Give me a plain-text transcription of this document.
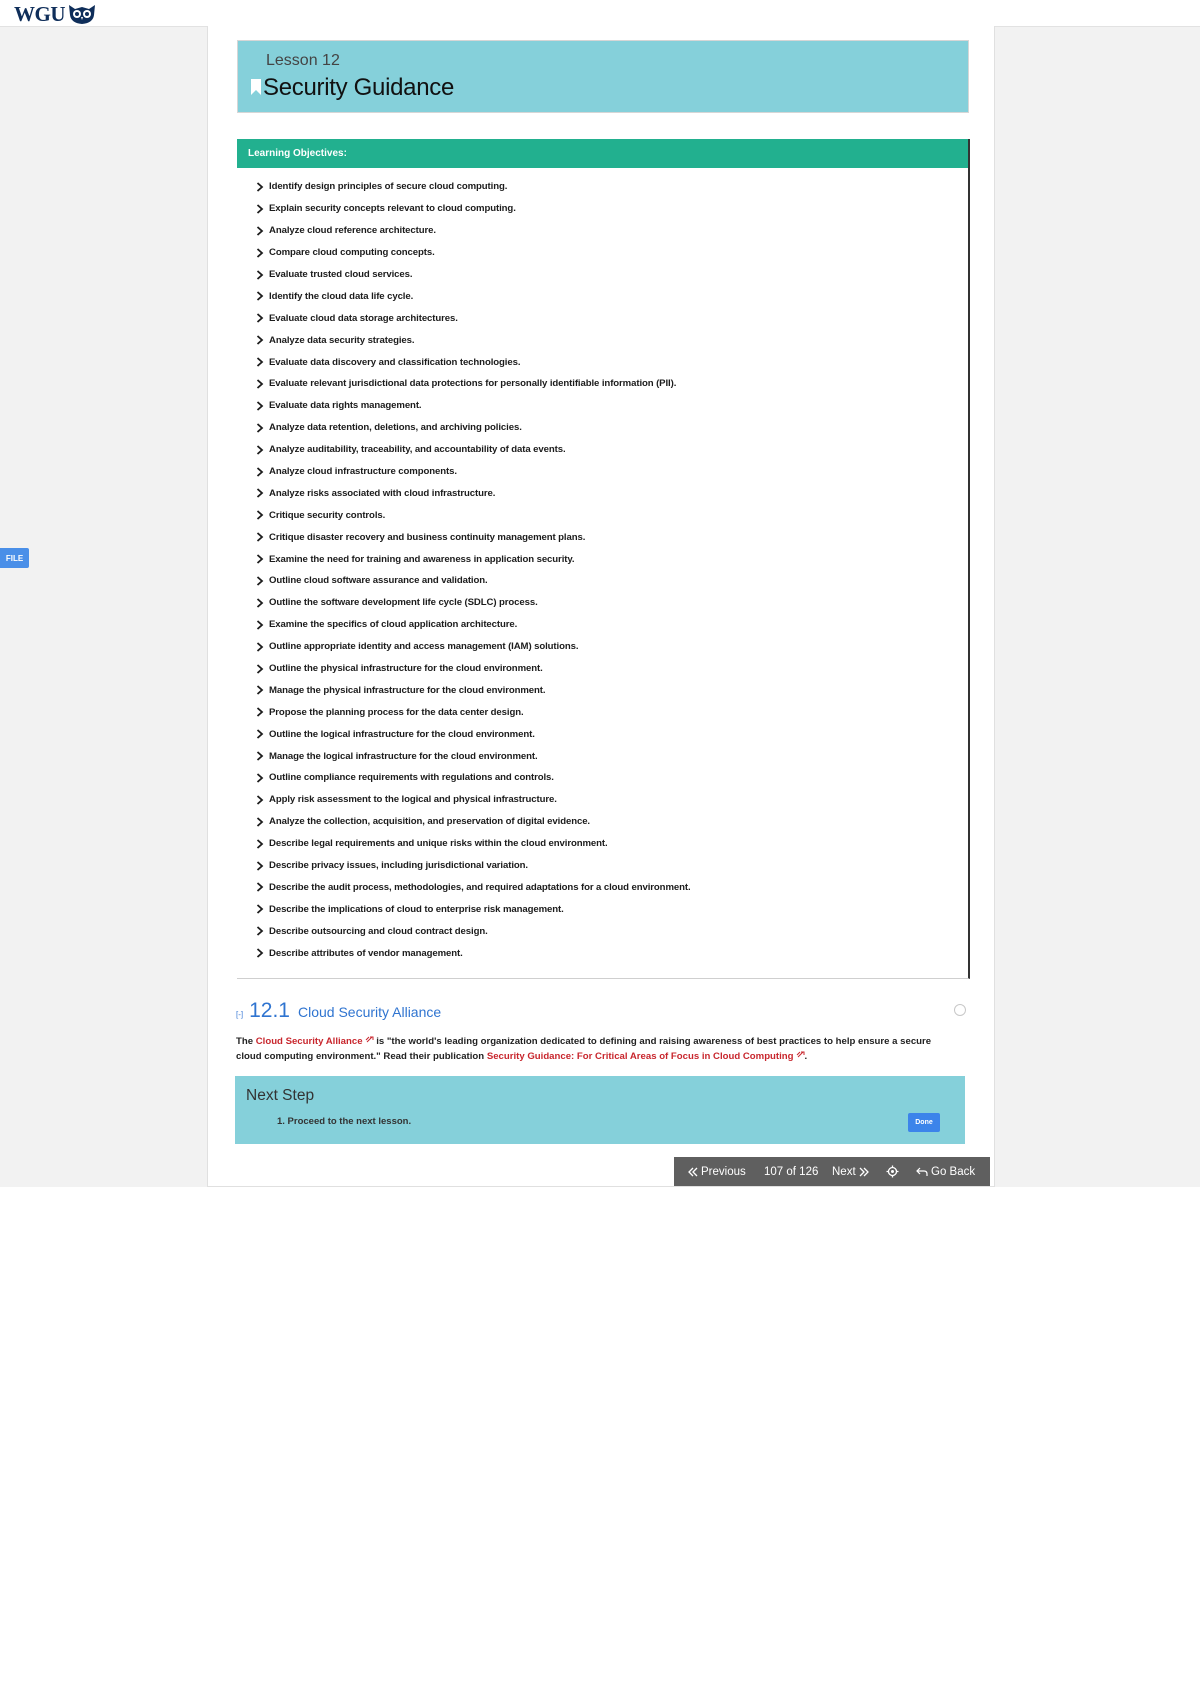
WGU
FILE
Lesson 12
Security Guidance
Learning Objectives:
Identify design principles of secure cloud computing.
Explain security concepts relevant to cloud computing.
Analyze cloud reference architecture.
Compare cloud computing concepts.
Evaluate trusted cloud services.
Identify the cloud data life cycle.
Evaluate cloud data storage architectures.
Analyze data security strategies.
Evaluate data discovery and classification technologies.
Evaluate relevant jurisdictional data protections for personally identifiable information (PII).
Evaluate data rights management.
Analyze data retention, deletions, and archiving policies.
Analyze auditability, traceability, and accountability of data events.
Analyze cloud infrastructure components.
Analyze risks associated with cloud infrastructure.
Critique security controls.
Critique disaster recovery and business continuity management plans.
Examine the need for training and awareness in application security.
Outline cloud software assurance and validation.
Outline the software development life cycle (SDLC) process.
Examine the specifics of cloud application architecture.
Outline appropriate identity and access management (IAM) solutions.
Outline the physical infrastructure for the cloud environment.
Manage the physical infrastructure for the cloud environment.
Propose the planning process for the data center design.
Outline the logical infrastructure for the cloud environment.
Manage the logical infrastructure for the cloud environment.
Outline compliance requirements with regulations and controls.
Apply risk assessment to the logical and physical infrastructure.
Analyze the collection, acquisition, and preservation of digital evidence.
Describe legal requirements and unique risks within the cloud environment.
Describe privacy issues, including jurisdictional variation.
Describe the audit process, methodologies, and required adaptations for a cloud environment.
Describe the implications of cloud to enterprise risk management.
Describe outsourcing and cloud contract design.
Describe attributes of vendor management.
[-] 12.1 Cloud Security Alliance
The Cloud Security Alliance is "the world's leading organization dedicated to defining and raising awareness of best practices to help ensure a secure cloud computing environment." Read their publication Security Guidance: For Critical Areas of Focus in Cloud Computing .
Next Step
1. Proceed to the next lesson.	Done
Previous 107 of 126 Next	Go Back
